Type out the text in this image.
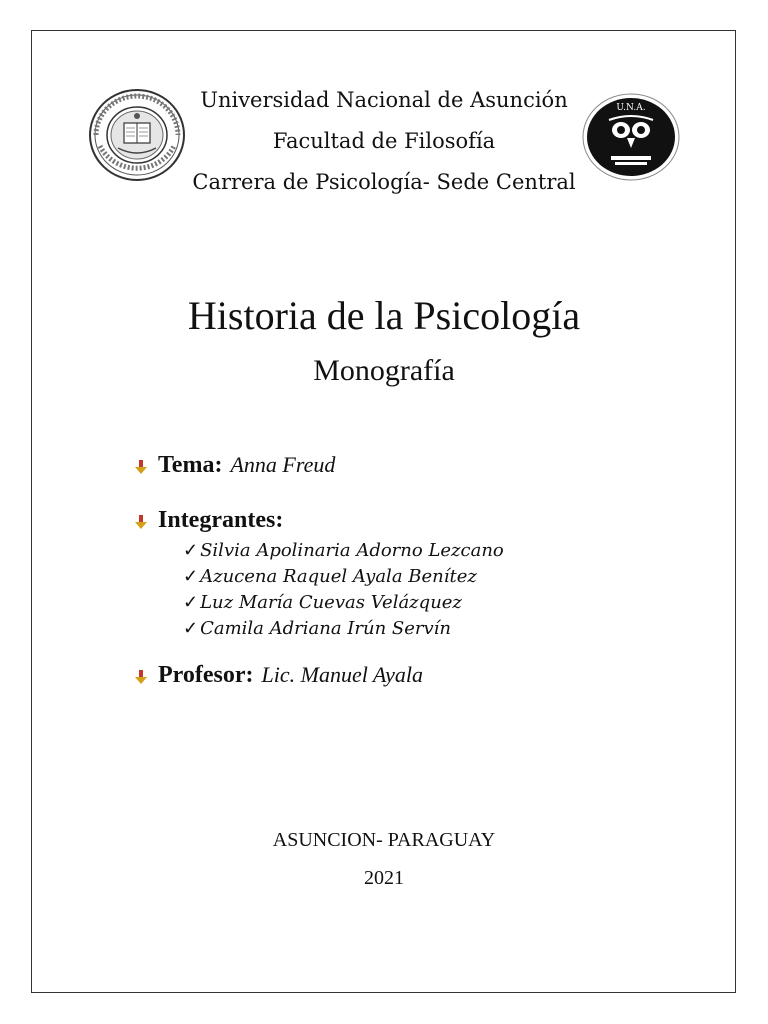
U.N.A.
Universidad Nacional de Asunción
Facultad de Filosofía
Carrera de Psicología- Sede Central
Historia de la Psicología
Monografía
Tema: Anna Freud
Integrantes:
✓ Silvia Apolinaria Adorno Lezcano
✓ Azucena Raquel Ayala Benítez
✓ Luz María Cuevas Velázquez
✓ Camila Adriana Irún Servín
Profesor: Lic. Manuel Ayala
ASUNCION- PARAGUAY
2021
